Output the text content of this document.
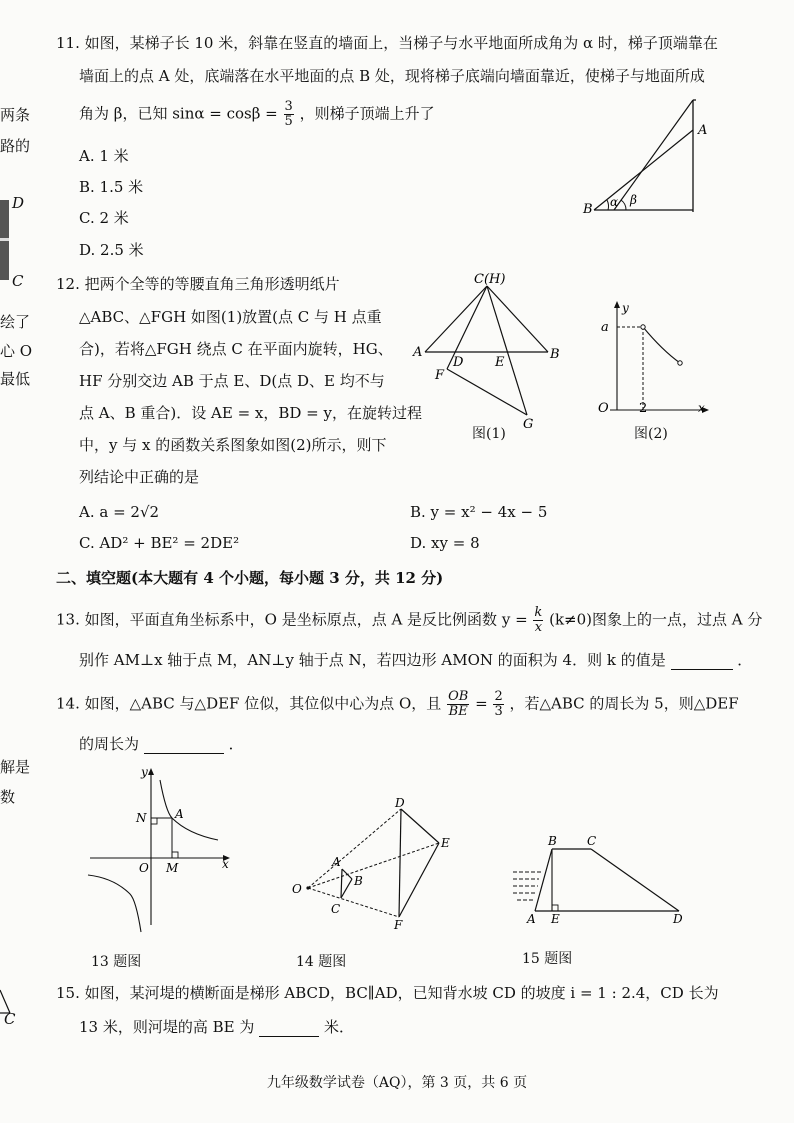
两条
路的
D
C
绘了
心 O
最低
解是
数
C
11. 如图，某梯子长 10 米，斜靠在竖直的墙面上，当梯子与水平地面所成角为 α 时，梯子顶端靠在
墙面上的点 A 处，底端落在水平地面的点 B 处，现将梯子底端向墙面靠近，使梯子与地面所成
角为 β，已知 $\sin\alpha = \cos\beta = \frac{3}{5}$ ，则梯子顶端上升了
A. 1 米
B. 1.5 米
C. 2 米
D. 2.5 米
B
A
α β
12. 把两个全等的等腰直角三角形透明纸片
△ABC、△FGH 如图(1)放置(点 C 与 H 点重
合)，若将△FGH 绕点 C 在平面内旋转，HG、
HF 分别交边 AB 于点 E、D(点 D、E 均不与
点 A、B 重合)．设 AE = x，BD = y，在旋转过程
中，y 与 x 的函数关系图象如图(2)所示，则下
列结论中正确的是
A. a = 2√2	B. y = x² − 4x − 5
C. AD² + BE² = 2DE²	D. xy = 8
C(H)
A	B
D E
F
G
图(1)
y
a
O 2	x
图(2)
二、填空题(本大题有 4 个小题，每小题 3 分，共 12 分)
13. 如图，平面直角坐标系中，O 是坐标原点，点 A 是反比例函数 $y = \frac{k}{x} (k\ne 0)$图象上的一点，过点 A 分
别作 AM⊥x 轴于点 M，AN⊥y 轴于点 N，若四边形 AMON 的面积为 4．则 k 的值是	．
14. 如图，△ABC 与△DEF 位似，其位似中心为点 O，且 $\frac{OB}{BE} = \frac{2}{3}$ ，若△ABC 的周长为 5，则△DEF
的周长为	．
y
N A
O M	x
13 题图
D
E
A
B
O
C
F
14 题图
B	C
A E	D
15 题图
15. 如图，某河堤的横断面是梯形 ABCD，BC∥AD，已知背水坡 CD 的坡度 i = 1 : 2.4，CD 长为
13 米，则河堤的高 BE 为	米．
九年级数学试卷（AQ），第 3 页，共 6 页
